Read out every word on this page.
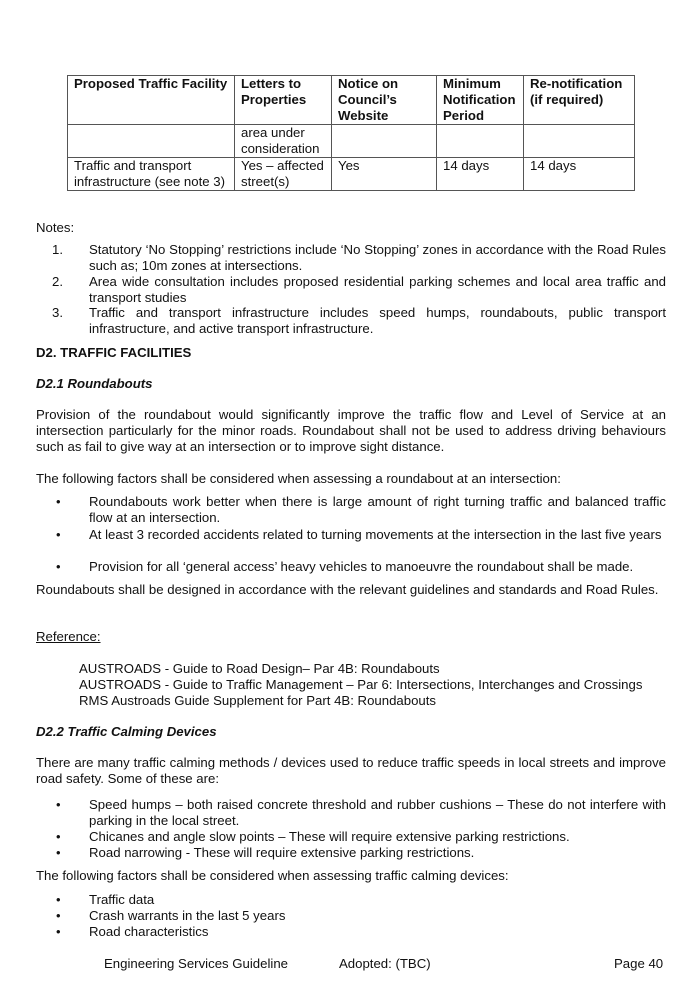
Proposed Traffic Facility	Letters to Properties	Notice on Council’s Website	Minimum Notification Period	Re-notification (if required)
	area under consideration			
Traffic and transport infrastructure (see note 3)	Yes – affected street(s)	Yes	14 days	14 days
Notes:
1. Statutory ‘No Stopping’ restrictions include ‘No Stopping’ zones in accordance with the Road Rules such as; 10m zones at intersections.
2. Area wide consultation includes proposed residential parking schemes and local area traffic and transport studies
3. Traffic and transport infrastructure includes speed humps, roundabouts, public transport infrastructure, and active transport infrastructure.
D2. TRAFFIC FACILITIES
D2.1 Roundabouts
Provision of the roundabout would significantly improve the traffic flow and Level of Service at an intersection particularly for the minor roads. Roundabout shall not be used to address driving behaviours such as fail to give way at an intersection or to improve sight distance.
The following factors shall be considered when assessing a roundabout at an intersection:
• Roundabouts work better when there is large amount of right turning traffic and balanced traffic flow at an intersection.
• At least 3 recorded accidents related to turning movements at the intersection in the last five years
• Provision for all ‘general access’ heavy vehicles to manoeuvre the roundabout shall be made.
Roundabouts shall be designed in accordance with the relevant guidelines and standards and Road Rules.
Reference:
AUSTROADS - Guide to Road Design– Par 4B: Roundabouts
AUSTROADS - Guide to Traffic Management – Par 6: Intersections, Interchanges and Crossings
RMS Austroads Guide Supplement for Part 4B: Roundabouts
D2.2 Traffic Calming Devices
There are many traffic calming methods / devices used to reduce traffic speeds in local streets and improve road safety. Some of these are:
• Speed humps – both raised concrete threshold and rubber cushions – These do not interfere with parking in the local street.
• Chicanes and angle slow points – These will require extensive parking restrictions.
• Road narrowing - These will require extensive parking restrictions.
The following factors shall be considered when assessing traffic calming devices:
• Traffic data
• Crash warrants in the last 5 years
• Road characteristics
Engineering Services Guideline	Adopted: (TBC)	Page 40
